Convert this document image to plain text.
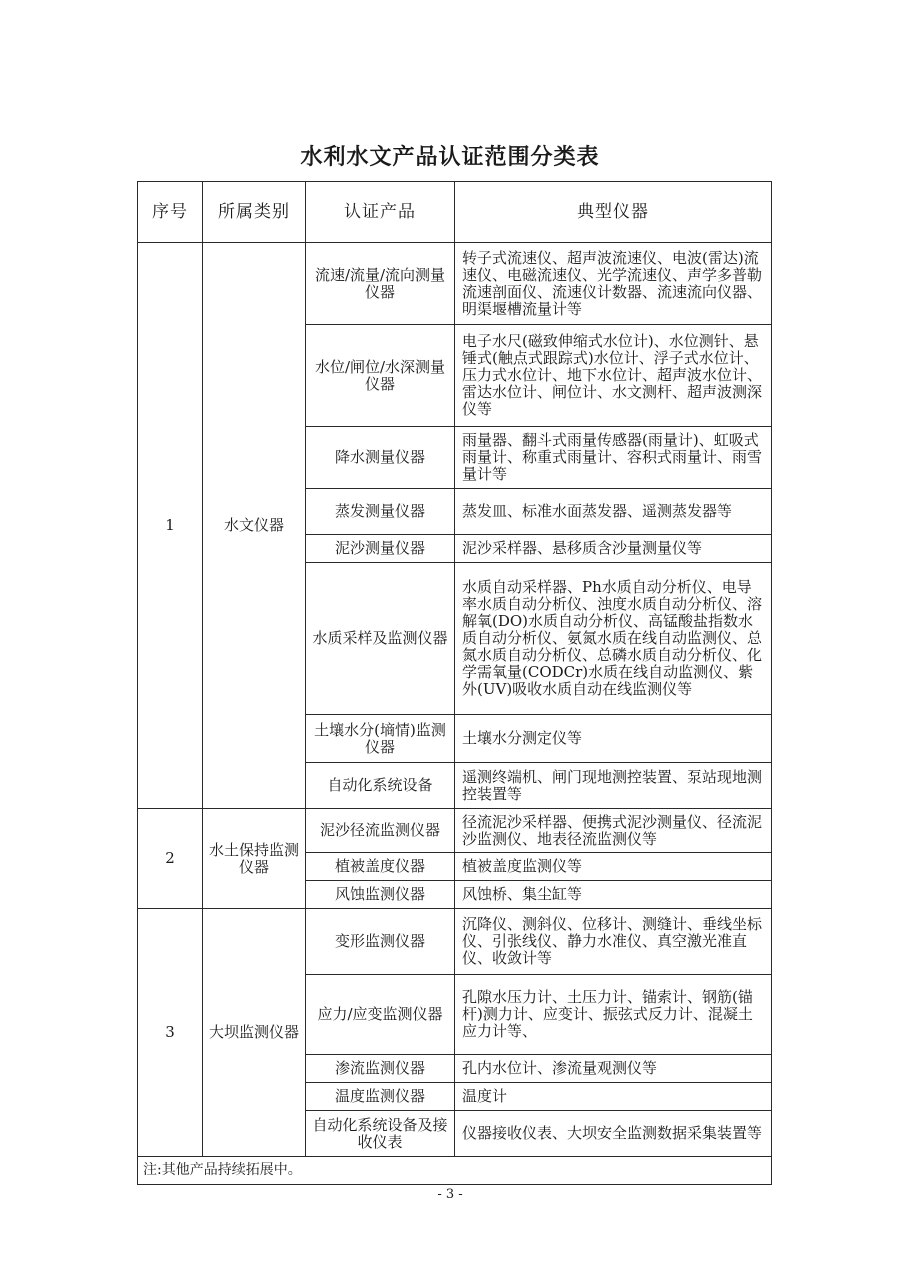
水利水文产品认证范围分类表
序号	所属类别	认证产品	典型仪器
1	水文仪器	流速/流量/流向测量仪器	转子式流速仪、超声波流速仪、电波(雷达)流速仪、电磁流速仪、光学流速仪、声学多普勒流速剖面仪、流速仪计数器、流速流向仪器、明渠堰槽流量计等
		水位/闸位/水深测量仪器	电子水尺(磁致伸缩式水位计)、水位测针、悬锤式(触点式跟踪式)水位计、浮子式水位计、压力式水位计、地下水位计、超声波水位计、雷达水位计、闸位计、水文测杆、超声波测深仪等
		降水测量仪器	雨量器、翻斗式雨量传感器(雨量计)、虹吸式雨量计、称重式雨量计、容积式雨量计、雨雪量计等
		蒸发测量仪器	蒸发皿、标准水面蒸发器、遥测蒸发器等
		泥沙测量仪器	泥沙采样器、悬移质含沙量测量仪等
		水质采样及监测仪器	水质自动采样器、Ph水质自动分析仪、电导率水质自动分析仪、浊度水质自动分析仪、溶解氧(DO)水质自动分析仪、高锰酸盐指数水质自动分析仪、氨氮水质在线自动监测仪、总氮水质自动分析仪、总磷水质自动分析仪、化学需氧量(CODCr)水质在线自动监测仪、紫外(UV)吸收水质自动在线监测仪等
		土壤水分(墒情)监测仪器	土壤水分测定仪等
		自动化系统设备	遥测终端机、闸门现地测控装置、泵站现地测控装置等
2	水土保持监测仪器	泥沙径流监测仪器	径流泥沙采样器、便携式泥沙测量仪、径流泥沙监测仪、地表径流监测仪等
		植被盖度仪器	植被盖度监测仪等
		风蚀监测仪器	风蚀桥、集尘缸等
3	大坝监测仪器	变形监测仪器	沉降仪、测斜仪、位移计、测缝计、垂线坐标仪、引张线仪、静力水准仪、真空激光准直仪、收敛计等
		应力/应变监测仪器	孔隙水压力计、土压力计、锚索计、钢筋(锚杆)测力计、应变计、振弦式反力计、混凝土应力计等、
		渗流监测仪器	孔内水位计、渗流量观测仪等
		温度监测仪器	温度计
		自动化系统设备及接收仪表	仪器接收仪表、大坝安全监测数据采集装置等
注:其他产品持续拓展中。			
- 3 -
